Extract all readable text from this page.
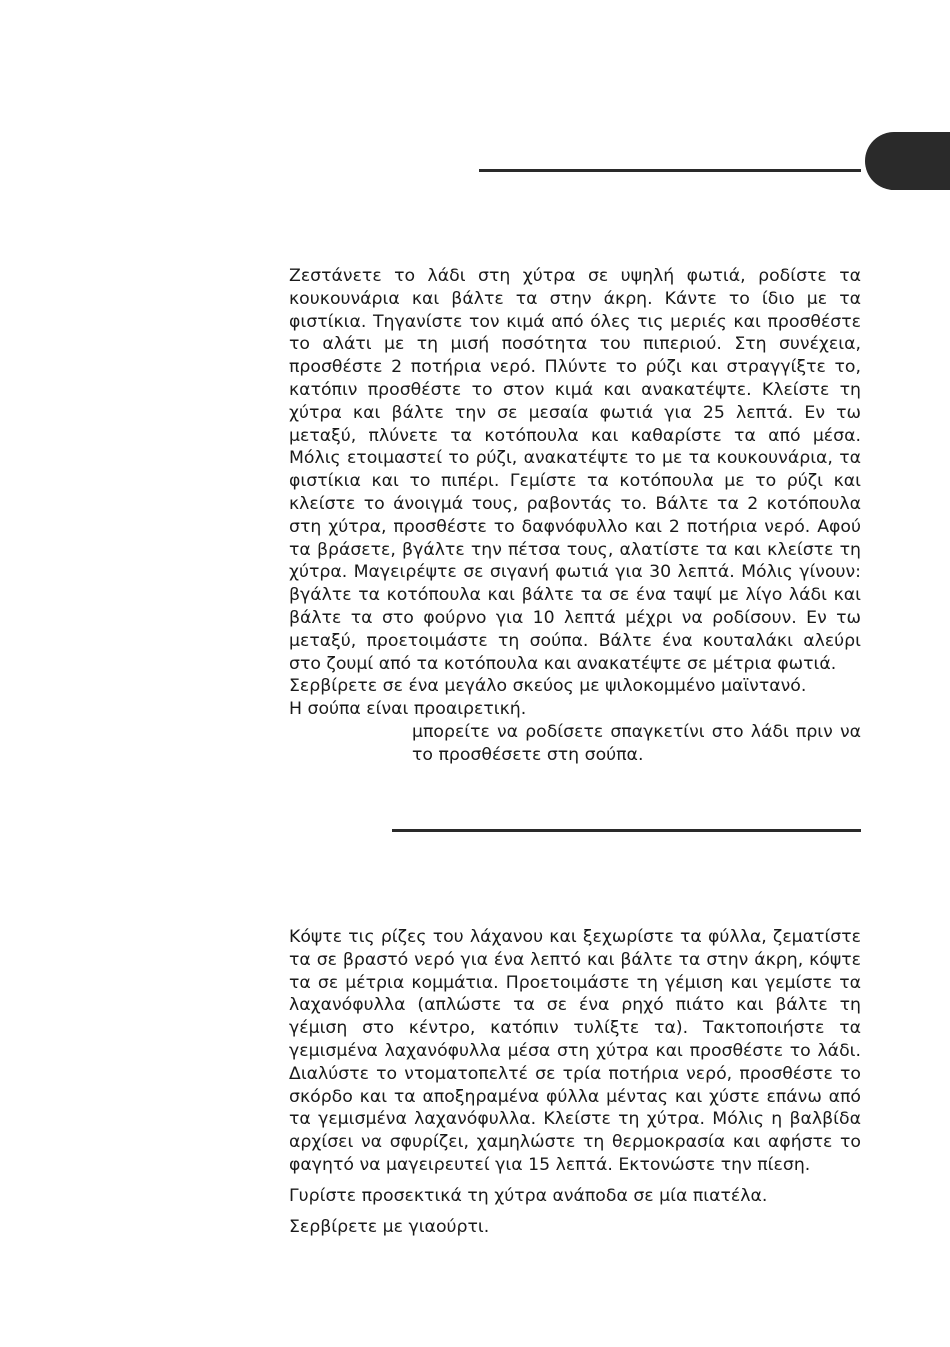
Ζεστάνετε το λάδι στη χύτρα σε υψηλή φωτιά, ροδίστε τα κουκουνάρια και βάλτε τα στην άκρη. Κάντε το ίδιο με τα φιστίκια. Τηγανίστε τον κιμά από όλες τις μεριές και προσθέστε το αλάτι με τη μισή ποσότητα του πιπεριού. Στη συνέχεια, προσθέστε 2 ποτήρια νερό. Πλύντε το ρύζι και στραγγίξτε το, κατόπιν προσθέστε το στον κιμά και ανακατέψτε. Κλείστε τη χύτρα και βάλτε την σε μεσαία φωτιά για 25 λεπτά. Εν τω μεταξύ, πλύνετε τα κοτόπουλα και καθαρίστε τα από μέσα. Μόλις ετοιμαστεί το ρύζι, ανακατέψτε το με τα κουκουνάρια, τα φιστίκια και το πιπέρι. Γεμίστε τα κοτόπουλα με το ρύζι και κλείστε το άνοιγμά τους, ραβοντάς το. Βάλτε τα 2 κοτόπουλα στη χύτρα, προσθέστε το δαφνόφυλλο και 2 ποτήρια νερό. Αφού τα βράσετε, βγάλτε την πέτσα τους, αλατίστε τα και κλείστε τη χύτρα. Μαγειρέψτε σε σιγανή φωτιά για 30 λεπτά. Μόλις γίνουν: βγάλτε τα κοτόπουλα και βάλτε τα σε ένα ταψί με λίγο λάδι και βάλτε τα στο φούρνο για 10 λεπτά μέχρι να ροδίσουν. Εν τω μεταξύ, προετοιμάστε τη σούπα. Βάλτε ένα κουταλάκι αλεύρι στο ζουμί από τα κοτόπουλα και ανακατέψτε σε μέτρια φωτιά.

Σερβίρετε σε ένα μεγάλο σκεύος με ψιλοκομμένο μαϊντανό.

Η σούπα είναι προαιρετική.

μπορείτε να ροδίσετε σπαγκετίνι στο λάδι πριν να το προσθέσετε στη σούπα.

Κόψτε τις ρίζες του λάχανου και ξεχωρίστε τα φύλλα, ζεματίστε τα σε βραστό νερό για ένα λεπτό και βάλτε τα στην άκρη, κόψτε τα σε μέτρια κομμάτια. Προετοιμάστε τη γέμιση και γεμίστε τα λαχανόφυλλα (απλώστε τα σε ένα ρηχό πιάτο και βάλτε τη γέμιση στο κέντρο, κατόπιν τυλίξτε τα). Τακτοποιήστε τα γεμισμένα λαχανόφυλλα μέσα στη χύτρα και προσθέστε το λάδι. Διαλύστε το ντοματοπελτέ σε τρία ποτήρια νερό, προσθέστε το σκόρδο και τα αποξηραμένα φύλλα μέντας και χύστε επάνω από τα γεμισμένα λαχανόφυλλα. Κλείστε τη χύτρα. Μόλις η βαλβίδα αρχίσει να σφυρίζει, χαμηλώστε τη θερμοκρασία και αφήστε το φαγητό να μαγειρευτεί για 15 λεπτά. Εκτονώστε την πίεση.

Γυρίστε προσεκτικά τη χύτρα ανάποδα σε μία πιατέλα.

Σερβίρετε με γιαούρτι.
